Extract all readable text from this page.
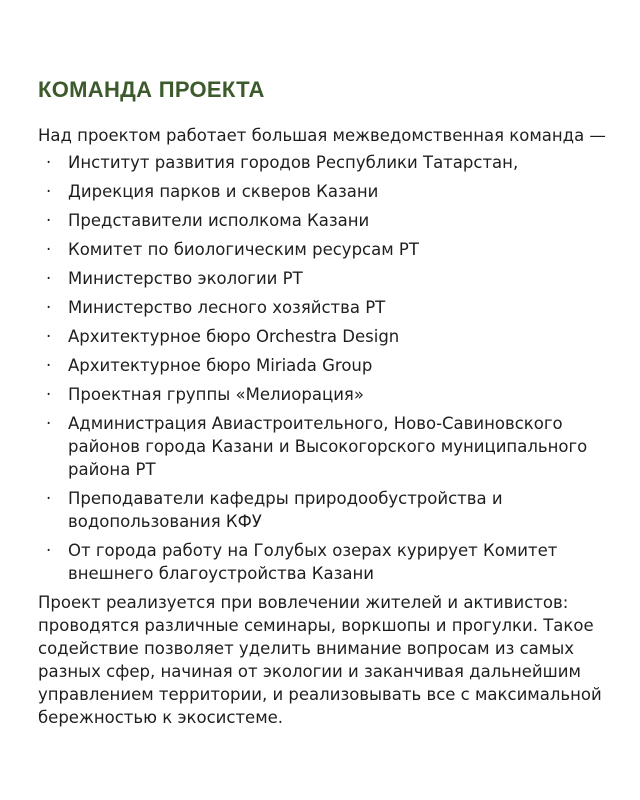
КОМАНДА ПРОЕКТА

Над проектом работает большая межведомственная команда —

· Институт развития городов Республики Татарстан,
· Дирекция парков и скверов Казани
· Представители исполкома Казани
· Комитет по биологическим ресурсам РТ
· Министерство экологии РТ
· Министерство лесного хозяйства РТ
· Архитектурное бюро Orchestra Design
· Архитектурное бюро Miriada Group
· Проектная группы «Мелиорация»
· Администрация Авиастроительного, Ново-Савиновского районов города Казани и Высокогорского муниципального района РТ
· Преподаватели кафедры природообустройства и водопользования КФУ
· От города работу на Голубых озерах курирует Комитет внешнего благоустройства Казани

Проект реализуется при вовлечении жителей и активистов: проводятся различные семинары, воркшопы и прогулки. Такое содействие позволяет уделить внимание вопросам из самых разных сфер, начиная от экологии и заканчивая дальнейшим управлением территории, и реализовывать все с максимальной бережностью к экосистеме.
